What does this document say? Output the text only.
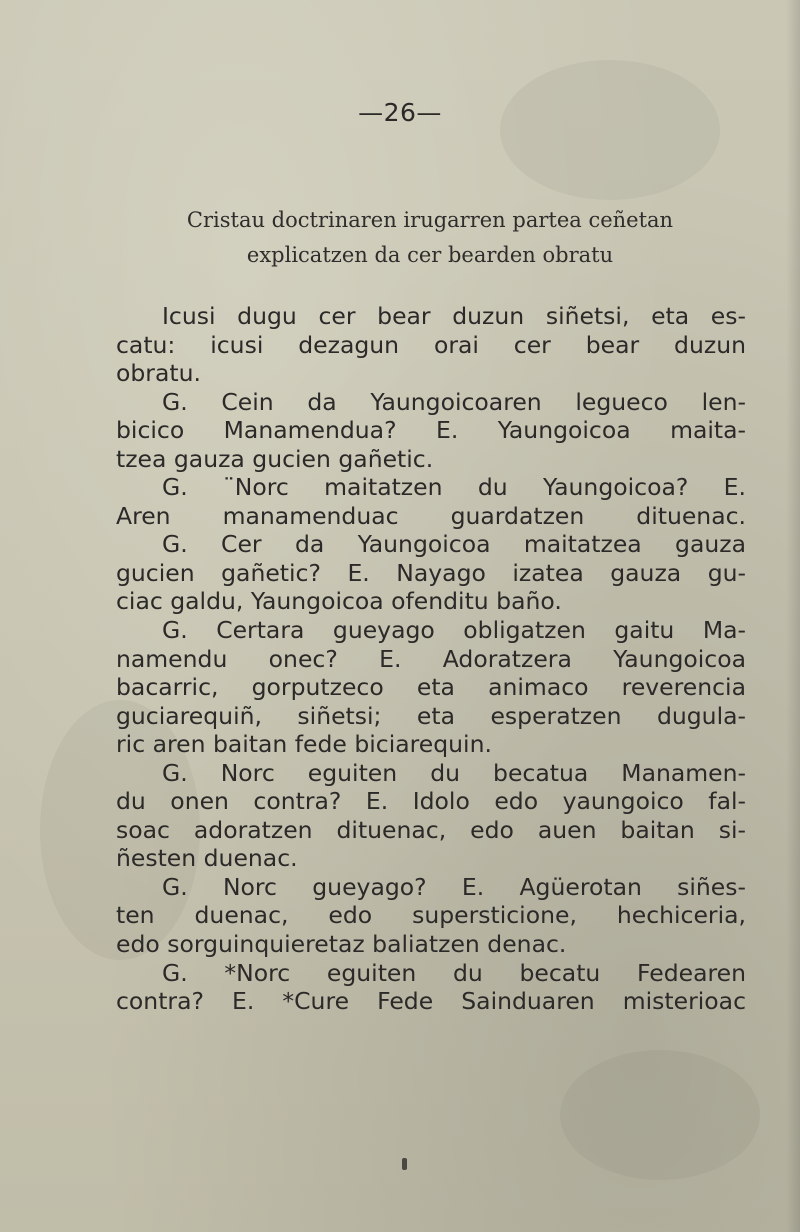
—26—
Cristau doctrinaren irugarren partea ceñetan
explicatzen da cer bearden obratu
Icusi dugu cer bear duzun siñetsi, eta es-
catu: icusi dezagun orai cer bear duzun
obratu.
G. Cein da Yaungoicoaren legueco len-
bicico Manamendua? E. Yaungoicoa maita-
tzea gauza gucien gañetic.
G. ¨Norc maitatzen du Yaungoicoa? E.
Aren manamenduac guardatzen dituenac.
G. Cer da Yaungoicoa maitatzea gauza
gucien gañetic? E. Nayago izatea gauza gu-
ciac galdu, Yaungoicoa ofenditu baño.
G. Certara gueyago obligatzen gaitu Ma-
namendu onec? E. Adoratzera Yaungoicoa
bacarric, gorputzeco eta animaco reverencia
guciarequiñ, siñetsi; eta esperatzen dugula-
ric aren baitan fede biciarequin.
G. Norc eguiten du becatua Manamen-
du onen contra? E. Idolo edo yaungoico fal-
soac adoratzen dituenac, edo auen baitan si-
ñesten duenac.
G. Norc gueyago? E. Agüerotan siñes-
ten duenac, edo supersticione, hechiceria,
edo sorguinquieretaz baliatzen denac.
G. *Norc eguiten du becatu Fedearen
contra? E. *Cure Fede Sainduaren misterioac
